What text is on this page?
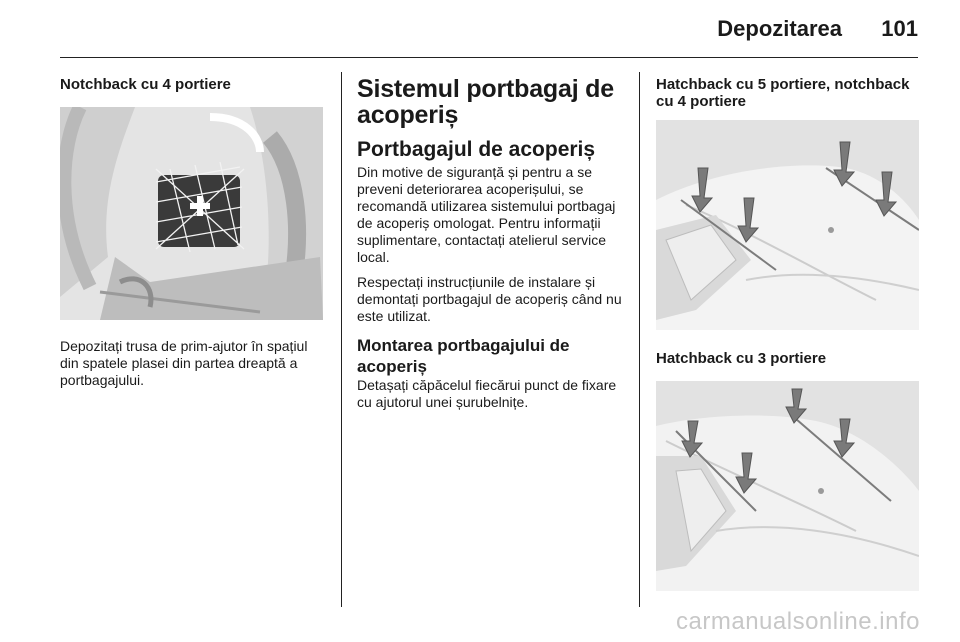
Depozitarea 101
Notchback cu 4 portiere

Depozitați trusa de prim-ajutor în spațiul din spatele plasei din partea dreaptă a portbagajului.

Sistemul portbagaj de acoperiș
Portbagajul de acoperiș

Din motive de siguranță și pentru a se preveni deteriorarea acoperișului, se recomandă utilizarea sistemului portbagaj de acoperiș omologat. Pentru informații suplimentare, contactați atelierul service local.

Respectați instrucțiunile de instalare și demontați portbagajul de acoperiș când nu este utilizat.

Montarea portbagajului de acoperiș

Detașați căpăcelul fiecărui punct de fixare cu ajutorul unei șurubelnițe.

Hatchback cu 5 portiere, notchback cu 4 portiere
Hatchback cu 3 portiere
carmanualsonline.info
